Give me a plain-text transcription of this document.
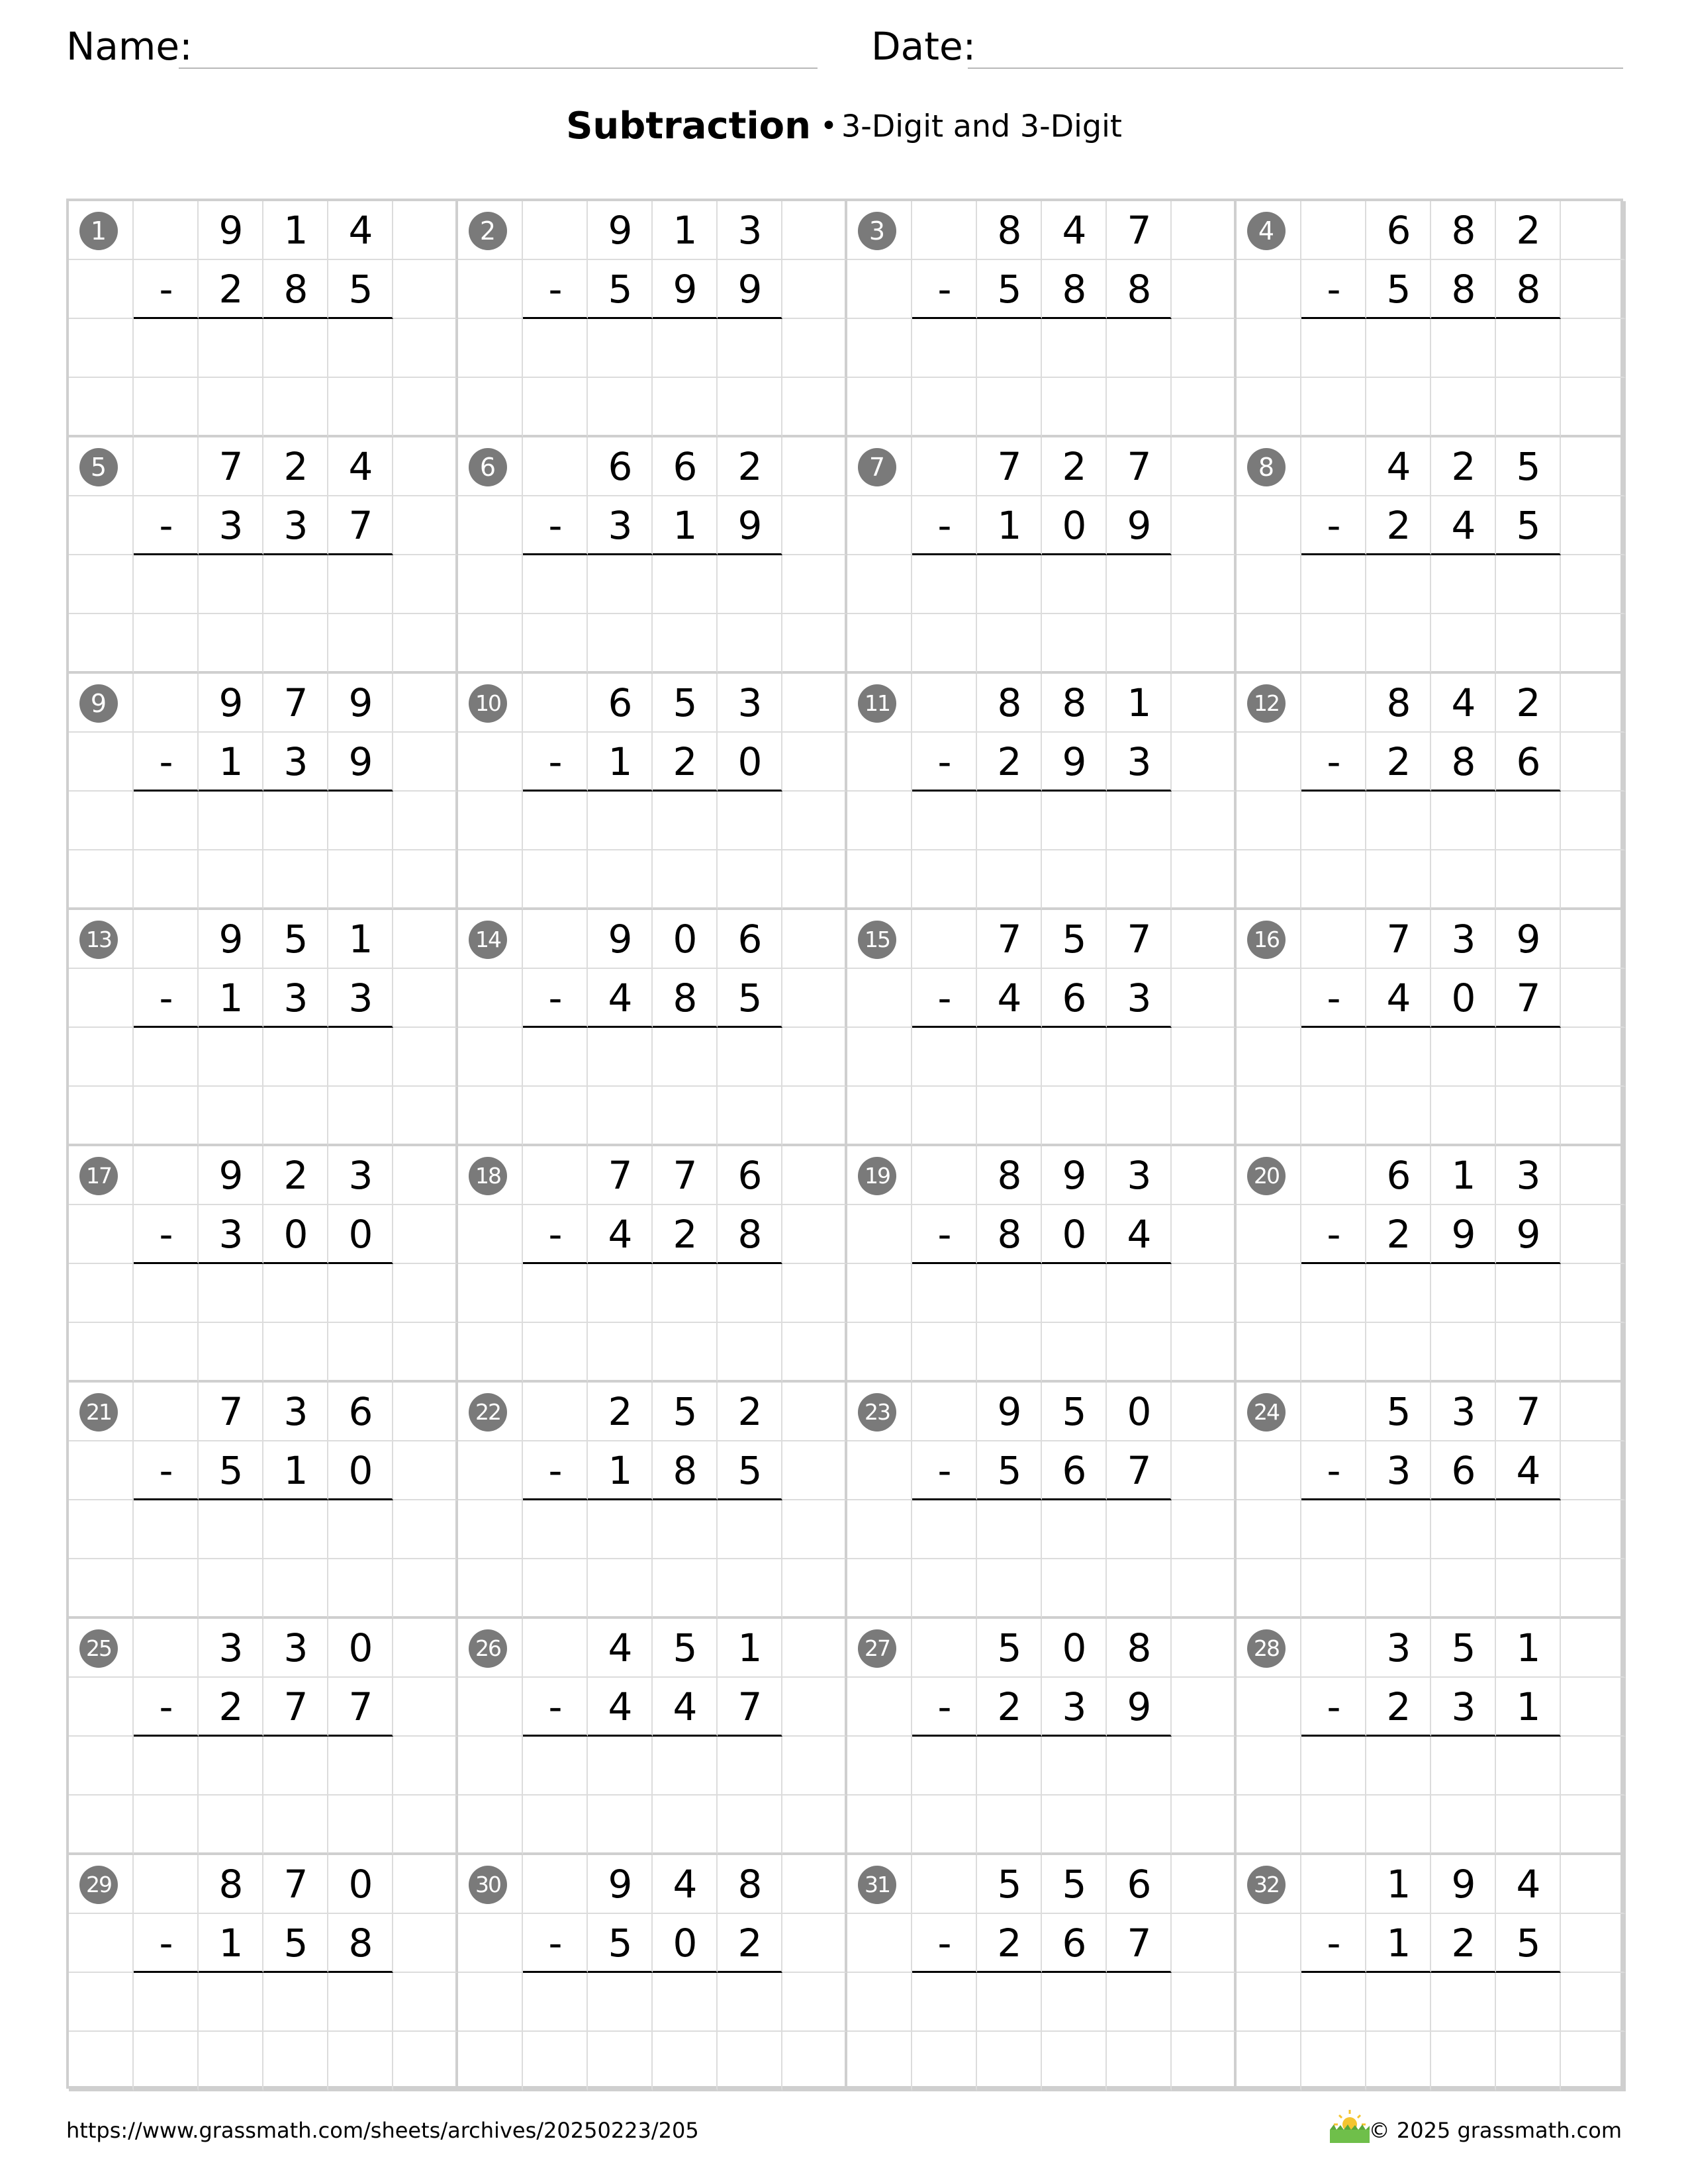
Name:	Date:
Subtraction • 3-Digit and 3-Digit
1	9	1	4
-	2	8	5
2	9	1	3
-	5	9	9
3	8	4	7
-	5	8	8
4	6	8	2
-	5	8	8
5	7	2	4
-	3	3	7
6	6	6	2
-	3	1	9
7	7	2	7
-	1	0	9
8	4	2	5
-	2	4	5
9	9	7	9
-	1	3	9
10	6	5	3
-	1	2	0
11	8	8	1
-	2	9	3
12	8	4	2
-	2	8	6
13	9	5	1
-	1	3	3
14	9	0	6
-	4	8	5
15	7	5	7
-	4	6	3
16	7	3	9
-	4	0	7
17	9	2	3
-	3	0	0
18	7	7	6
-	4	2	8
19	8	9	3
-	8	0	4
20	6	1	3
-	2	9	9
21	7	3	6
-	5	1	0
22	2	5	2
-	1	8	5
23	9	5	0
-	5	6	7
24	5	3	7
-	3	6	4
25	3	3	0
-	2	7	7
26	4	5	1
-	4	4	7
27	5	0	8
-	2	3	9
28	3	5	1
-	2	3	1
29	8	7	0
-	1	5	8
30	9	4	8
-	5	0	2
31	5	5	6
-	2	6	7
32	1	9	4
-	1	2	5
https://www.grassmath.com/sheets/archives/20250223/205	© 2025 grassmath.com
